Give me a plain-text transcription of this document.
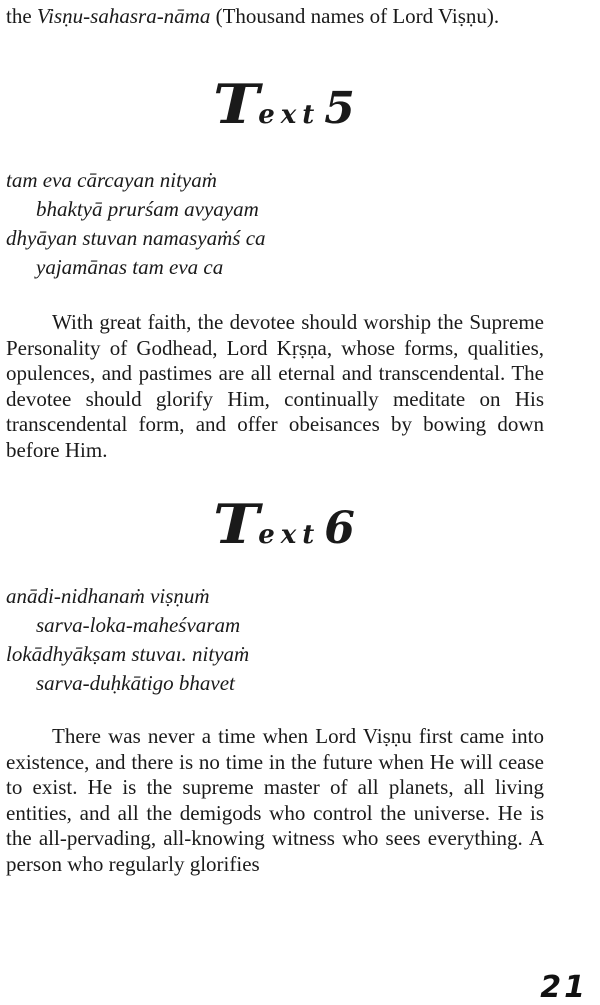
the Visṇu-sahasra-nāma (Thousand names of Lord Viṣṇu).

Text5
tam eva cārcayan nityaṁ
bhaktyā prurśam avyayam
dhyāyan stuvan namasyaṁś ca
yajamānas tam eva ca

With great faith, the devotee should worship the Supreme Personality of Godhead, Lord Kṛṣṇa, whose forms, qualities, opulences, and pastimes are all eternal and transcendental. The devotee should glorify Him, continually meditate on His transcendental form, and offer obeisances by bowing down before Him.

Text6
anādi-nidhanaṁ viṣṇuṁ
sarva-loka-maheśvaram
lokādhyākṣam stuvaı. nityaṁ
sarva-duḥkātigo bhavet

There was never a time when Lord Viṣṇu first came into existence, and there is no time in the future when He will cease to exist. He is the supreme master of all planets, all living entities, and all the demigods who control the universe. He is the all-pervading, all-knowing witness who sees everything. A person who regularly glorifies

21
